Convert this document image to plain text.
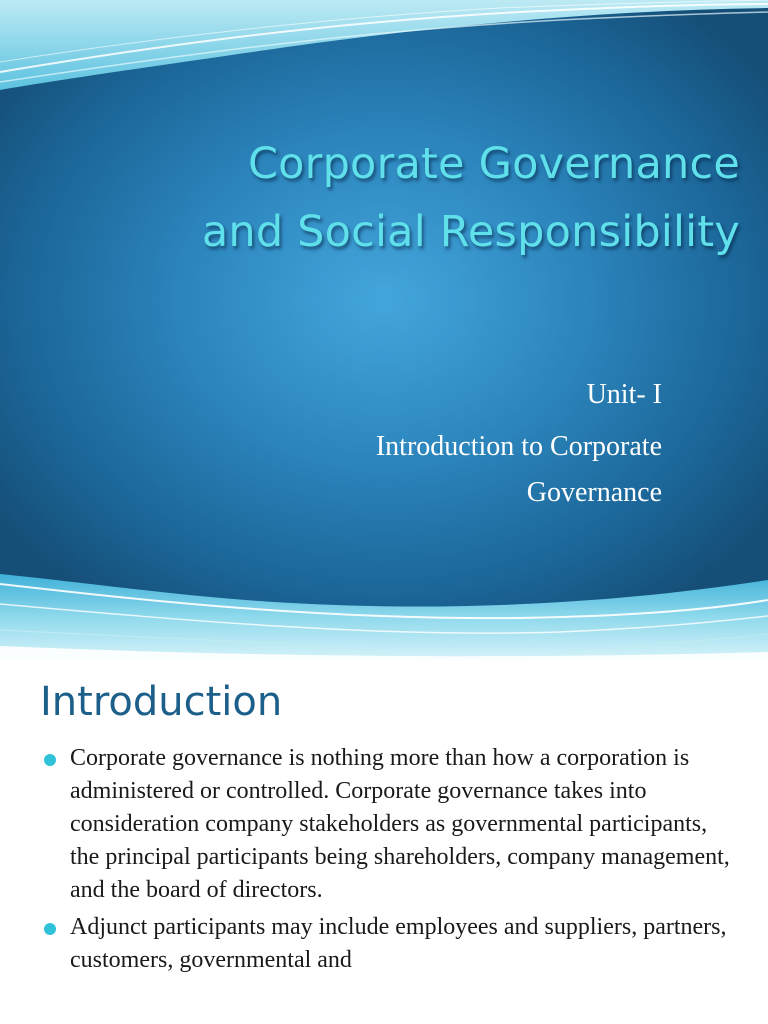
Corporate Governance
and Social Responsibility
Unit- I
Introduction to Corporate
Governance
Introduction
Corporate governance is nothing more than how a corporation is administered or controlled. Corporate governance takes into consideration company stakeholders as governmental participants, the principal participants being shareholders, company management, and the board of directors.
Adjunct participants may include employees and suppliers, partners, customers, governmental and
